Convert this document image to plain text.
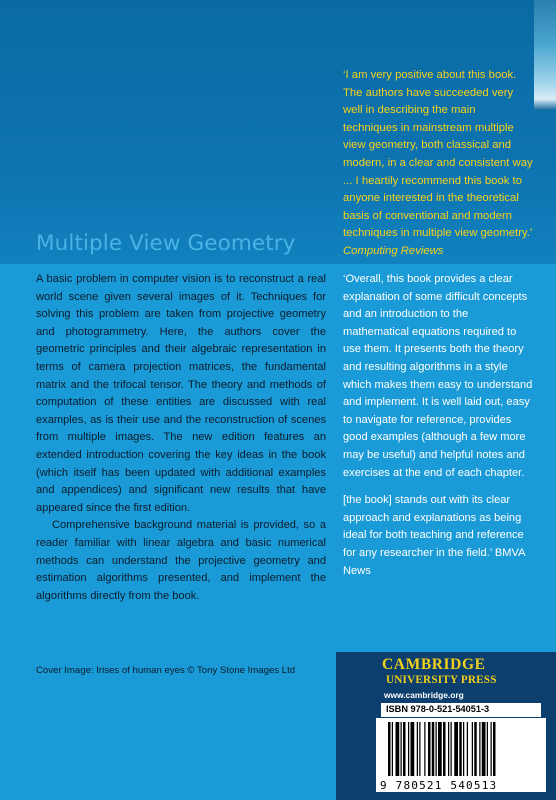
‘I am very positive about this book. The authors have succeeded very well in describing the main techniques in mainstream multiple view geometry, both classical and modern, in a clear and consistent way ... I heartily recommend this book to anyone interested in the theoretical basis of conventional and modern techniques in multiple view geometry.’ Computing Reviews
Multiple View Geometry

A basic problem in computer vision is to reconstruct a real world scene given several images of it. Techniques for solving this problem are taken from projective geometry and photogrammetry. Here, the authors cover the geometric principles and their algebraic representation in terms of camera projection matrices, the fundamental matrix and the trifocal tensor. The theory and methods of computation of these entities are discussed with real examples, as is their use and the reconstruction of scenes from multiple images. The new edition features an extended introduction covering the key ideas in the book (which itself has been updated with additional examples and appendices) and significant new results that have appeared since the first edition.

Comprehensive background material is provided, so a reader familiar with linear algebra and basic numerical methods can understand the projective geometry and estimation algorithms presented, and implement the algorithms directly from the book.

‘Overall, this book provides a clear explanation of some difficult concepts and an introduction to the mathematical equations required to use them. It presents both the theory and resulting algorithms in a style which makes them easy to understand and implement. It is well laid out, easy to navigate for reference, provides good examples (although a few more may be useful) and helpful notes and exercises at the end of each chapter.

[the book] stands out with its clear approach and explanations as being ideal for both teaching and reference for any researcher in the field.’ BMVA News

Cover Image: Irises of human eyes © Tony Stone Images Ltd	CAMBRIDGE
UNIVERSITY PRESS
www.cambridge.org
ISBN 978-0-521-54051-3
9 780521 540513
